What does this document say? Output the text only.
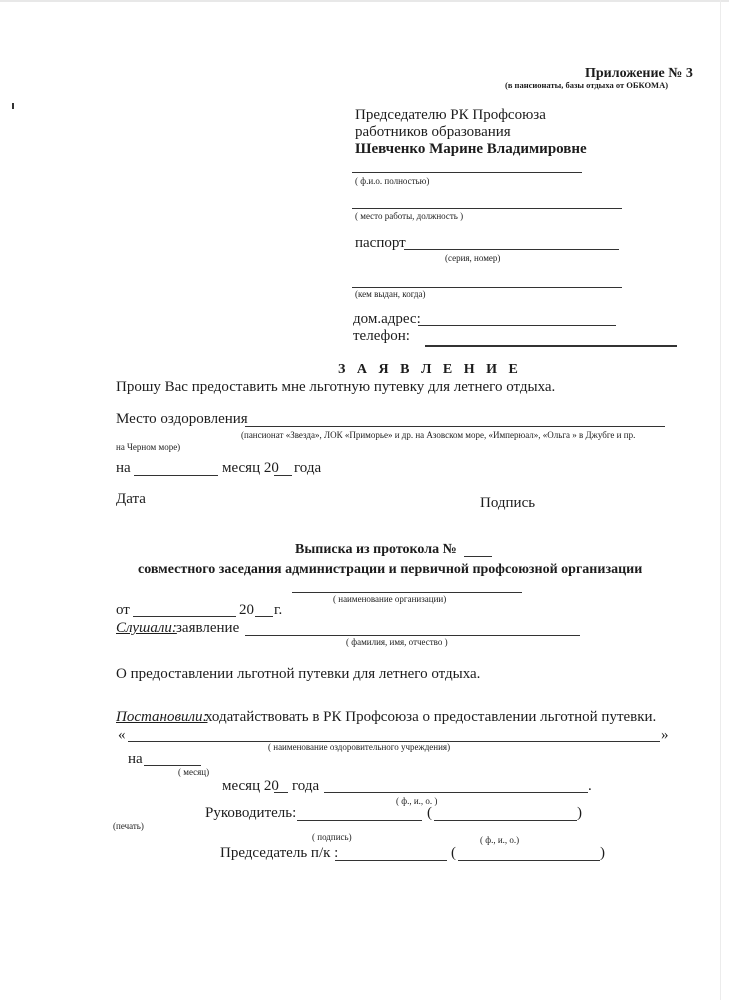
Приложение № 3
(в пансионаты, базы отдыха от ОБКОМА)
Председателю РК Профсоюза
работников образования
Шевченко Марине Владимировне
( ф.и.о. полностью)
( место работы, должность )
паспорт
(серия, номер)
(кем выдан, когда)
дом.адрес:
телефон:
З А Я В Л Е Н И Е
Прошу Вас предоставить мне льготную путевку для летнего отдыха.
Место оздоровления
(пансионат «Звезда», ЛОК «Приморье» и др. на Азовском море, «Имперюал», «Ольга » в Джубге и пр.
на Черном море)
на	месяц 20 года
Дата	Подпись
Выписка из протокола №
совместного заседания администрации и первичной профсоюзной организации
( наименование организации)
от	20 г.
Слушали: заявление
( фамилия, имя, отчество )
О предоставлении льготной путевки для летнего отдыха.
Постановили:
ходатайствовать в РК Профсоюза о предоставлении льготной путевки.
«	»
( наименование оздоровительного учреждения)
на
( месяц)
месяц 20 года	.
( ф., и., о. )
Руководитель:	(	)
(печать)
( подпись)	( ф., и., о.)
Председатель п/к :	(	)
